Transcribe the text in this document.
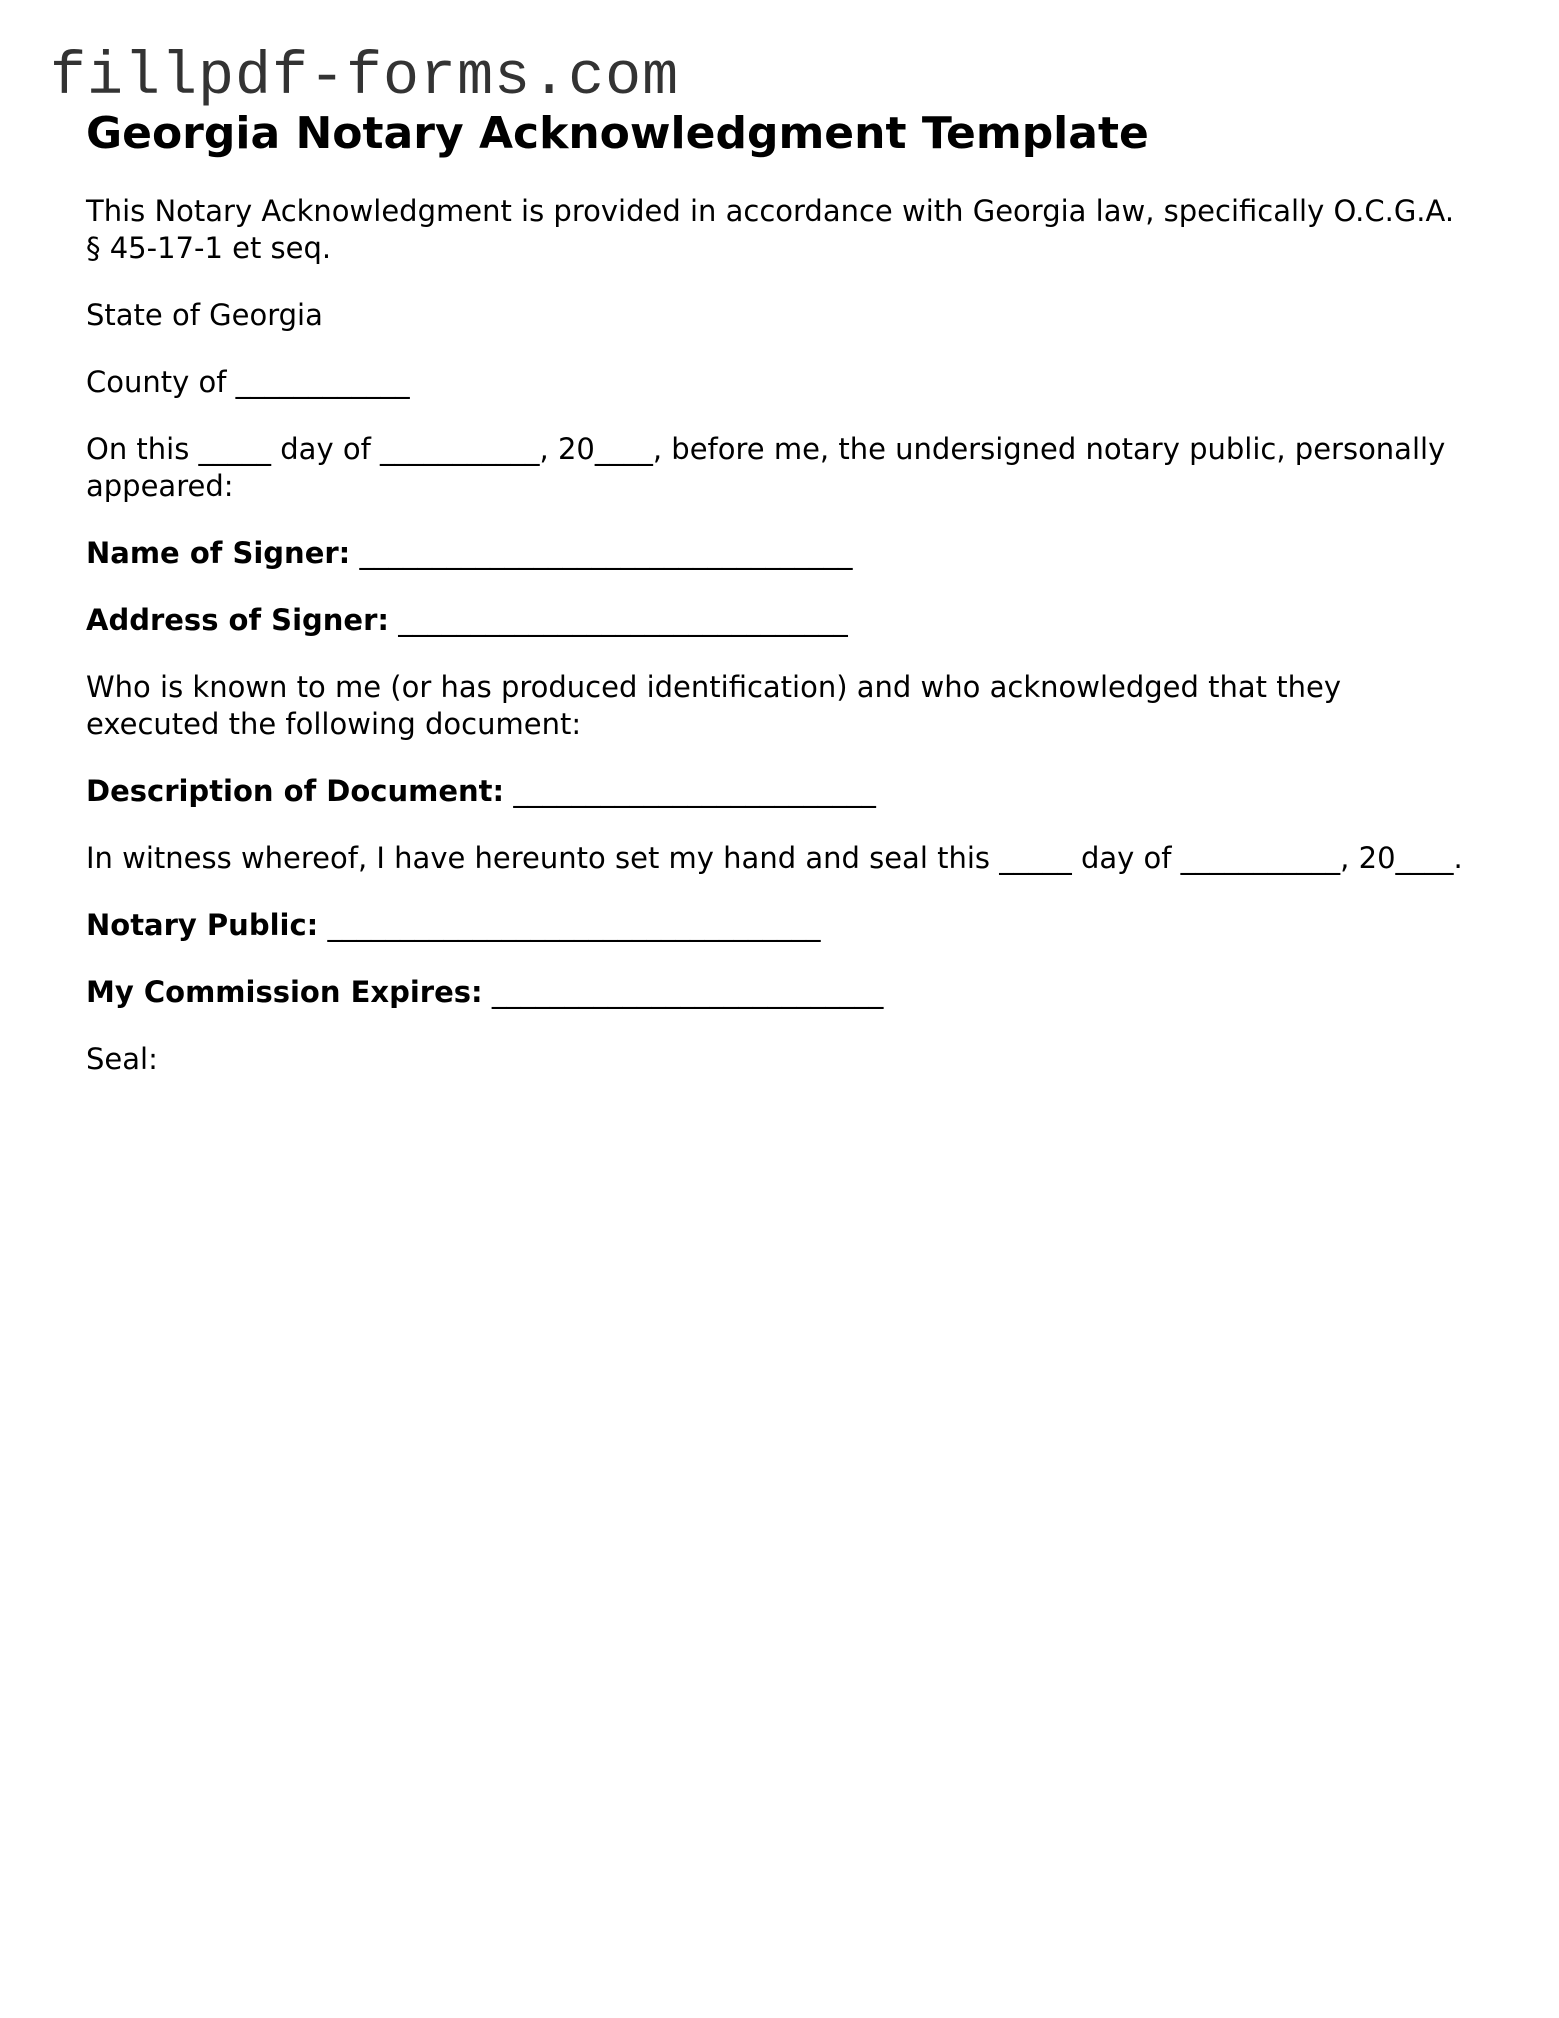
fillpdf-forms.com
Georgia Notary Acknowledgment Template

This Notary Acknowledgment is provided in accordance with Georgia law, specifically O.C.G.A. § 45-17-1 et seq.

State of Georgia

County of ____________

On this _____ day of ___________, 20____, before me, the undersigned notary public, personally appeared:

Name of Signer: __________________________________

Address of Signer: _______________________________

Who is known to me (or has produced identification) and who acknowledged that they executed the following document:

Description of Document: _________________________

In witness whereof, I have hereunto set my hand and seal this _____ day of ___________, 20____.

Notary Public: __________________________________

My Commission Expires: ___________________________

Seal:
